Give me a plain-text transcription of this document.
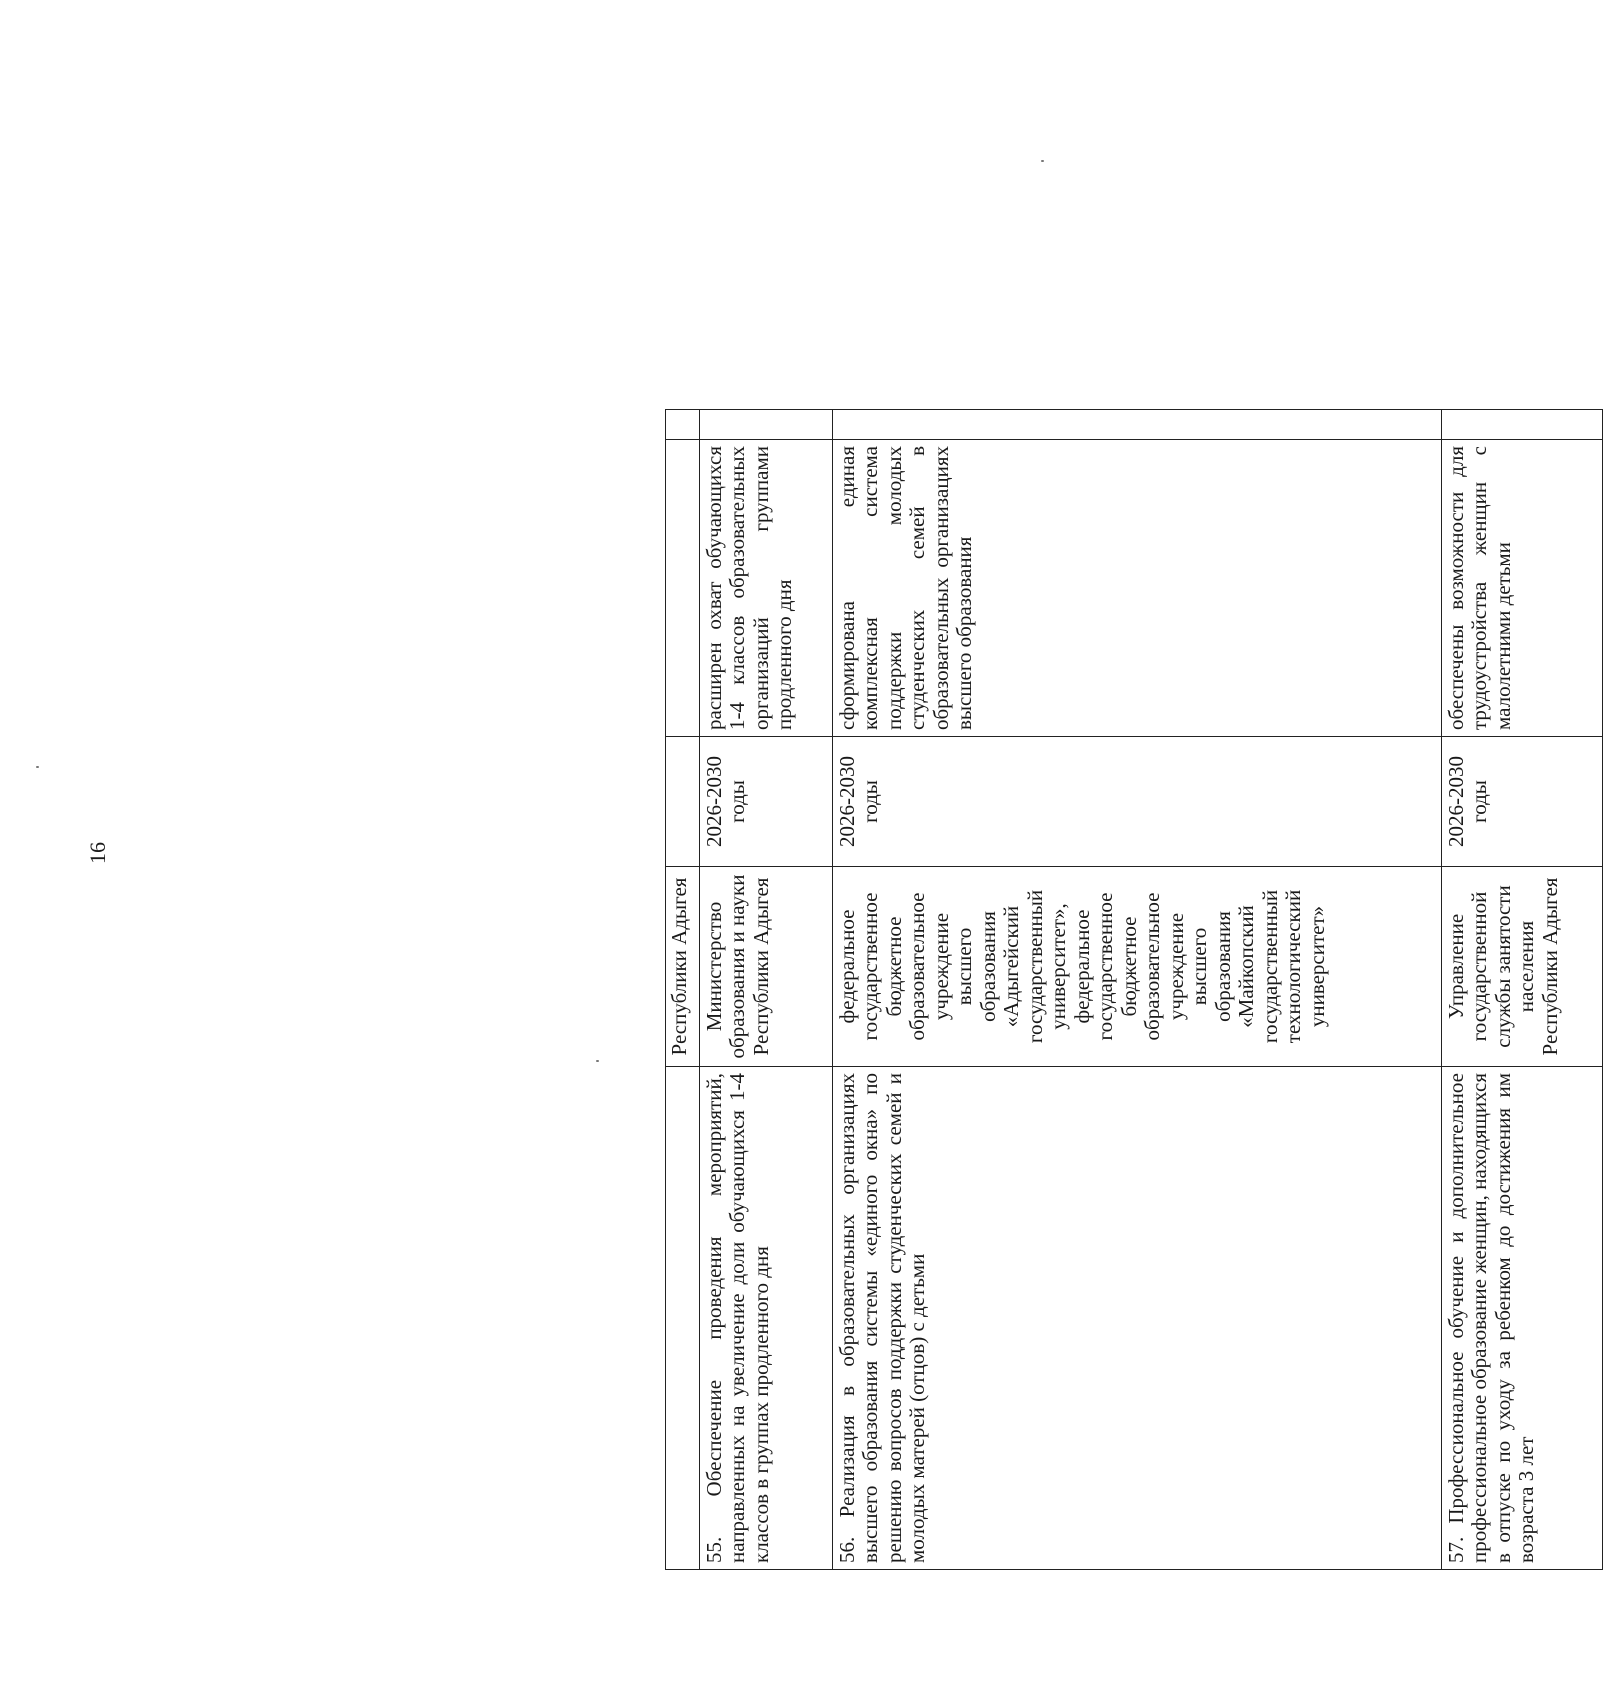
16
	Республики Адыгея			
55. Обеспечение проведения мероприятий, направленных на увеличение доли обучающихся 1-4 классов в группах продленного дня	Министерство образования и науки Республики Адыгея	2026-2030 годы	расширен охват обучающихся 1-4 классов образовательных организаций группами продленного дня	
56. Реализация в образовательных организациях высшего образования системы «единого окна» по решению вопросов поддержки студенческих семей и молодых матерей (отцов) с детьми	федеральное государственное бюджетное образовательное учреждение высшего образования «Адыгейский государственный университет», федеральное государственное бюджетное образовательное учреждение высшего образования «Майкопский государственный технологический университет»	2026-2030 годы	сформирована единая комплексная система поддержки молодых студенческих семей в образовательных организациях высшего образования	
57. Профессиональное обучение и дополнительное профессиональное образование женщин, находящихся в отпуске по уходу за ребенком до достижения им возраста 3 лет	Управление государственной службы занятости населения Республики Адыгея	2026-2030 годы	обеспечены возможности для трудоустройства женщин с малолетними детьми	
